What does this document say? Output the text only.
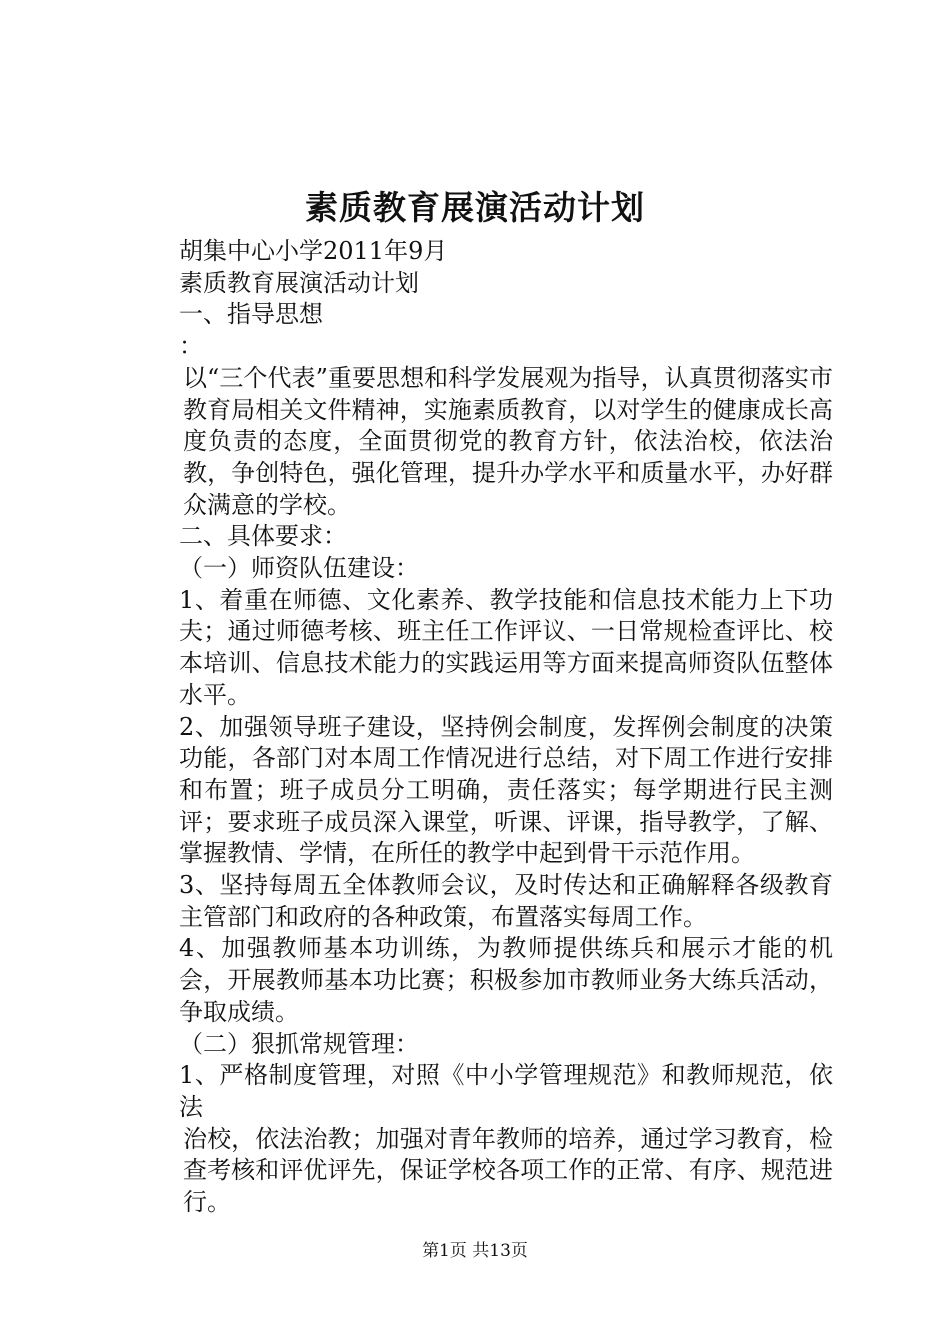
素质教育展演活动计划
胡集中心小学2011年9月
素质教育展演活动计划
一、指导思想
：
以“三个代表”重要思想和科学发展观为指导，认真贯彻落实市教育局相关文件精神，实施素质教育，以对学生的健康成长高度负责的态度，全面贯彻党的教育方针，依法治校，依法治教，争创特色，强化管理，提升办学水平和质量水平，办好群众满意的学校。
二、具体要求：
（一）师资队伍建设：
1、着重在师德、文化素养、教学技能和信息技术能力上下功夫；通过师德考核、班主任工作评议、一日常规检查评比、校本培训、信息技术能力的实践运用等方面来提高师资队伍整体水平。
2、加强领导班子建设，坚持例会制度，发挥例会制度的决策功能，各部门对本周工作情况进行总结，对下周工作进行安排和布置；班子成员分工明确，责任落实；每学期进行民主测评；要求班子成员深入课堂，听课、评课，指导教学，了解、掌握教情、学情，在所任的教学中起到骨干示范作用。
3、坚持每周五全体教师会议，及时传达和正确解释各级教育主管部门和政府的各种政策，布置落实每周工作。
4、加强教师基本功训练，为教师提供练兵和展示才能的机会，开展教师基本功比赛；积极参加市教师业务大练兵活动，争取成绩。
（二）狠抓常规管理：
1、严格制度管理，对照《中小学管理规范》和教师规范，依法
治校，依法治教；加强对青年教师的培养，通过学习教育，检查考核和评优评先，保证学校各项工作的正常、有序、规范进行。
第1页 共13页
